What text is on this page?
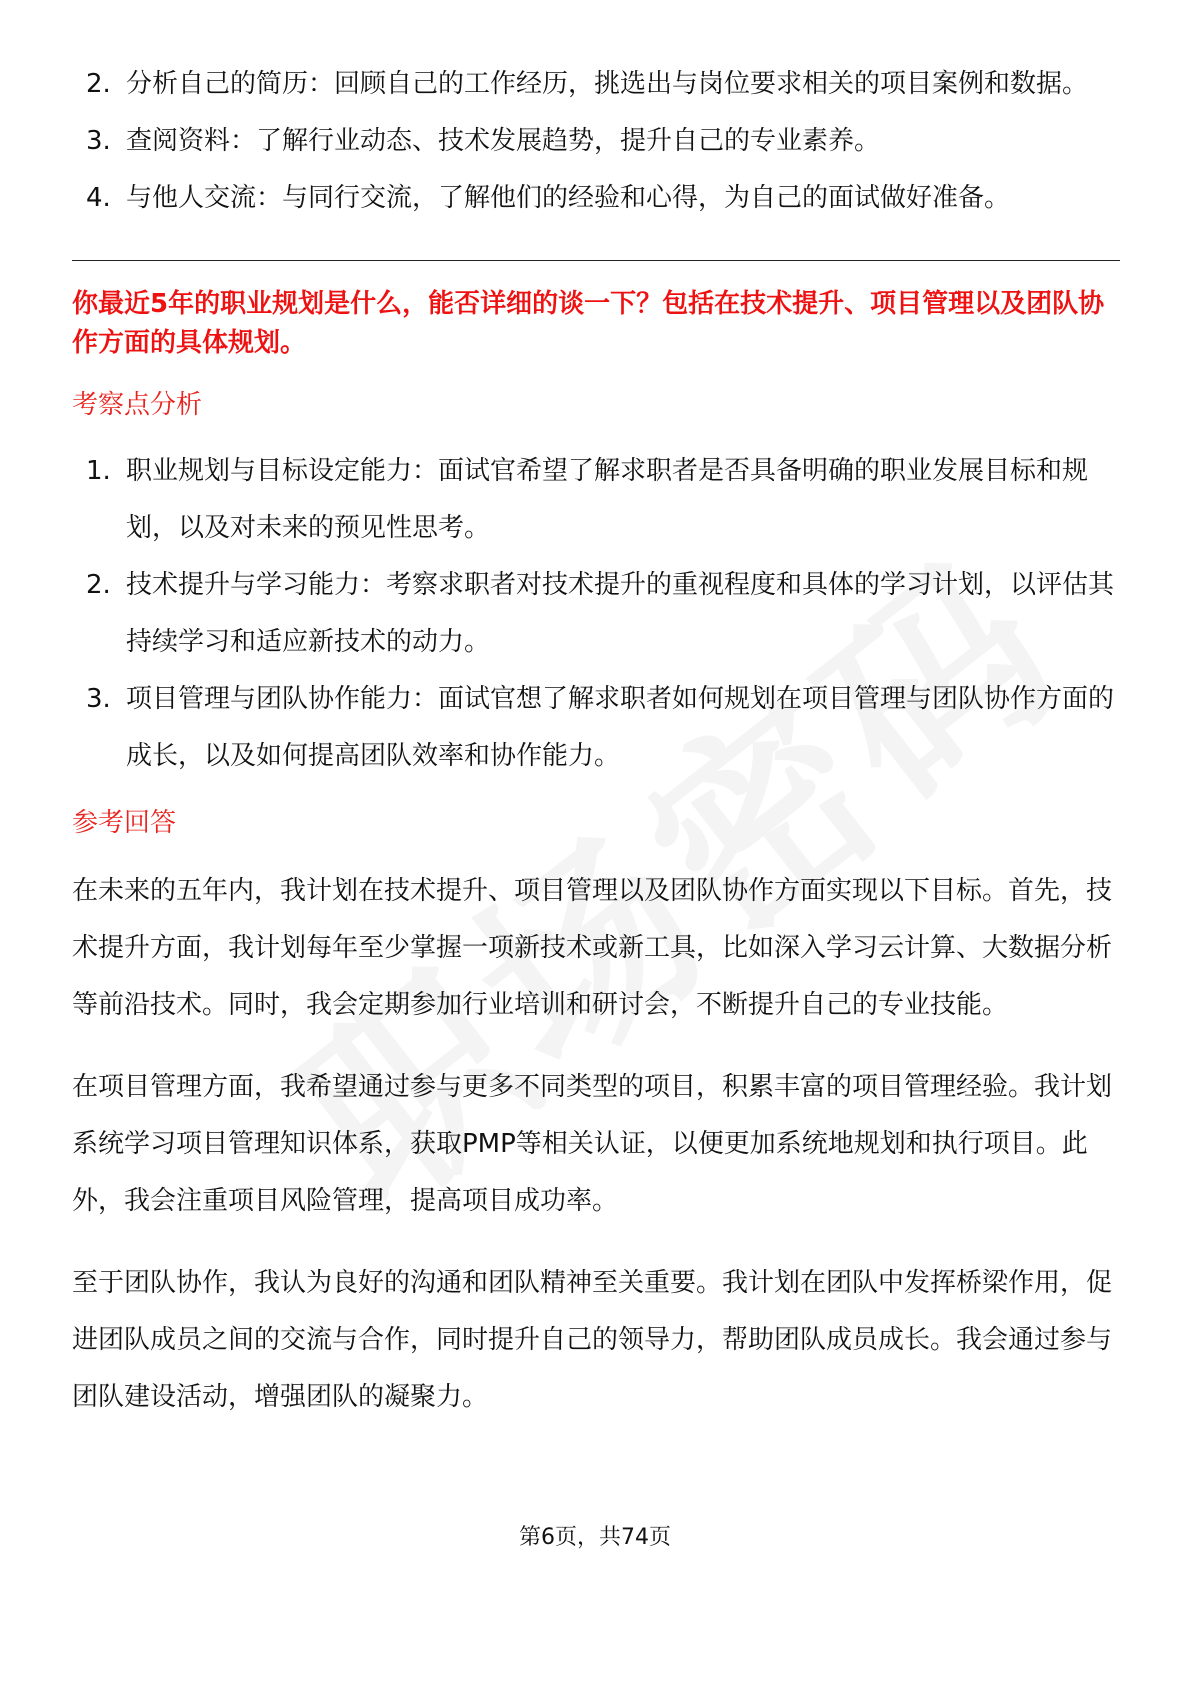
2. 分析自己的简历：回顾自己的工作经历，挑选出与岗位要求相关的项目案例和数据。
3. 查阅资料：了解行业动态、技术发展趋势，提升自己的专业素养。
4. 与他人交流：与同行交流，了解他们的经验和心得，为自己的面试做好准备。

你最近5年的职业规划是什么，能否详细的谈一下？包括在技术提升、项目管理以及团队协作方面的具体规划。

考察点分析
1. 职业规划与目标设定能力：面试官希望了解求职者是否具备明确的职业发展目标和规划，以及对未来的预见性思考。
2. 技术提升与学习能力：考察求职者对技术提升的重视程度和具体的学习计划，以评估其持续学习和适应新技术的动力。
3. 项目管理与团队协作能力：面试官想了解求职者如何规划在项目管理与团队协作方面的成长，以及如何提高团队效率和协作能力。
参考回答

在未来的五年内，我计划在技术提升、项目管理以及团队协作方面实现以下目标。首先，技术提升方面，我计划每年至少掌握一项新技术或新工具，比如深入学习云计算、大数据分析等前沿技术。同时，我会定期参加行业培训和研讨会，不断提升自己的专业技能。

在项目管理方面，我希望通过参与更多不同类型的项目，积累丰富的项目管理经验。我计划系统学习项目管理知识体系，获取PMP等相关认证，以便更加系统地规划和执行项目。此外，我会注重项目风险管理，提高项目成功率。

至于团队协作，我认为良好的沟通和团队精神至关重要。我计划在团队中发挥桥梁作用，促进团队成员之间的交流与合作，同时提升自己的领导力，帮助团队成员成长。我会通过参与团队建设活动，增强团队的凝聚力。

第6页，共74页
